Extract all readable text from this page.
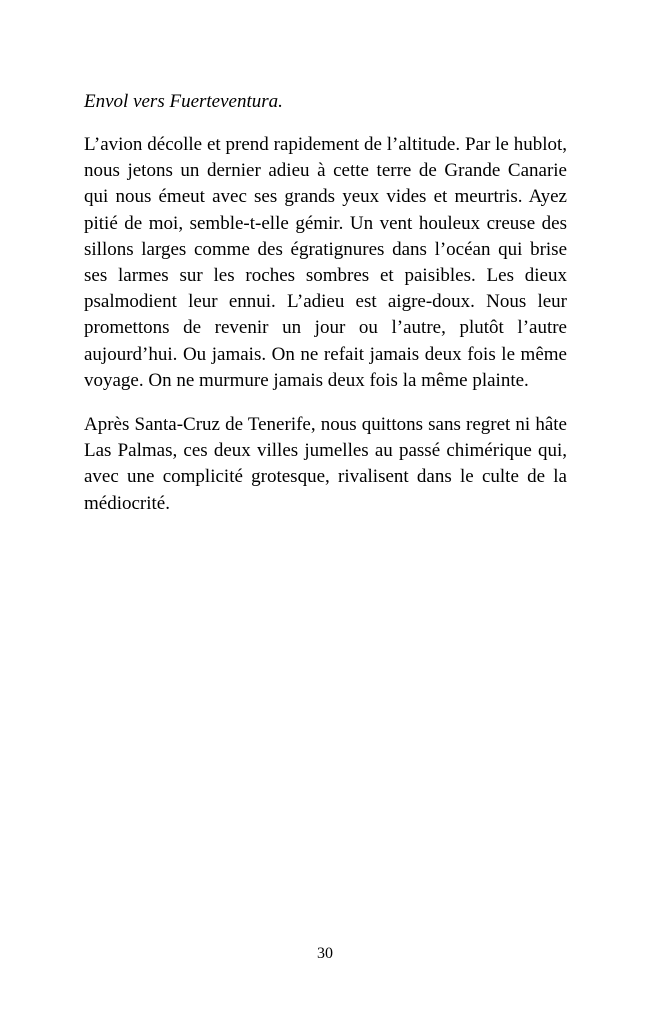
Envol vers Fuerteventura.

L’avion décolle et prend rapidement de l’altitude. Par le hublot, nous jetons un dernier adieu à cette terre de Grande Canarie qui nous émeut avec ses grands yeux vides et meurtris. Ayez pitié de moi, semble-t-elle gémir. Un vent houleux creuse des sillons larges comme des égratignures dans l’océan qui brise ses larmes sur les roches sombres et paisibles. Les dieux psalmodient leur ennui. L’adieu est aigre-doux. Nous leur promettons de revenir un jour ou l’autre, plutôt l’autre aujourd’hui. Ou jamais. On ne refait jamais deux fois le même voyage. On ne murmure jamais deux fois la même plainte.

Après Santa-Cruz de Tenerife, nous quittons sans regret ni hâte Las Palmas, ces deux villes jumelles au passé chimérique qui, avec une complicité grotesque, rivalisent dans le culte de la médiocrité.

30
